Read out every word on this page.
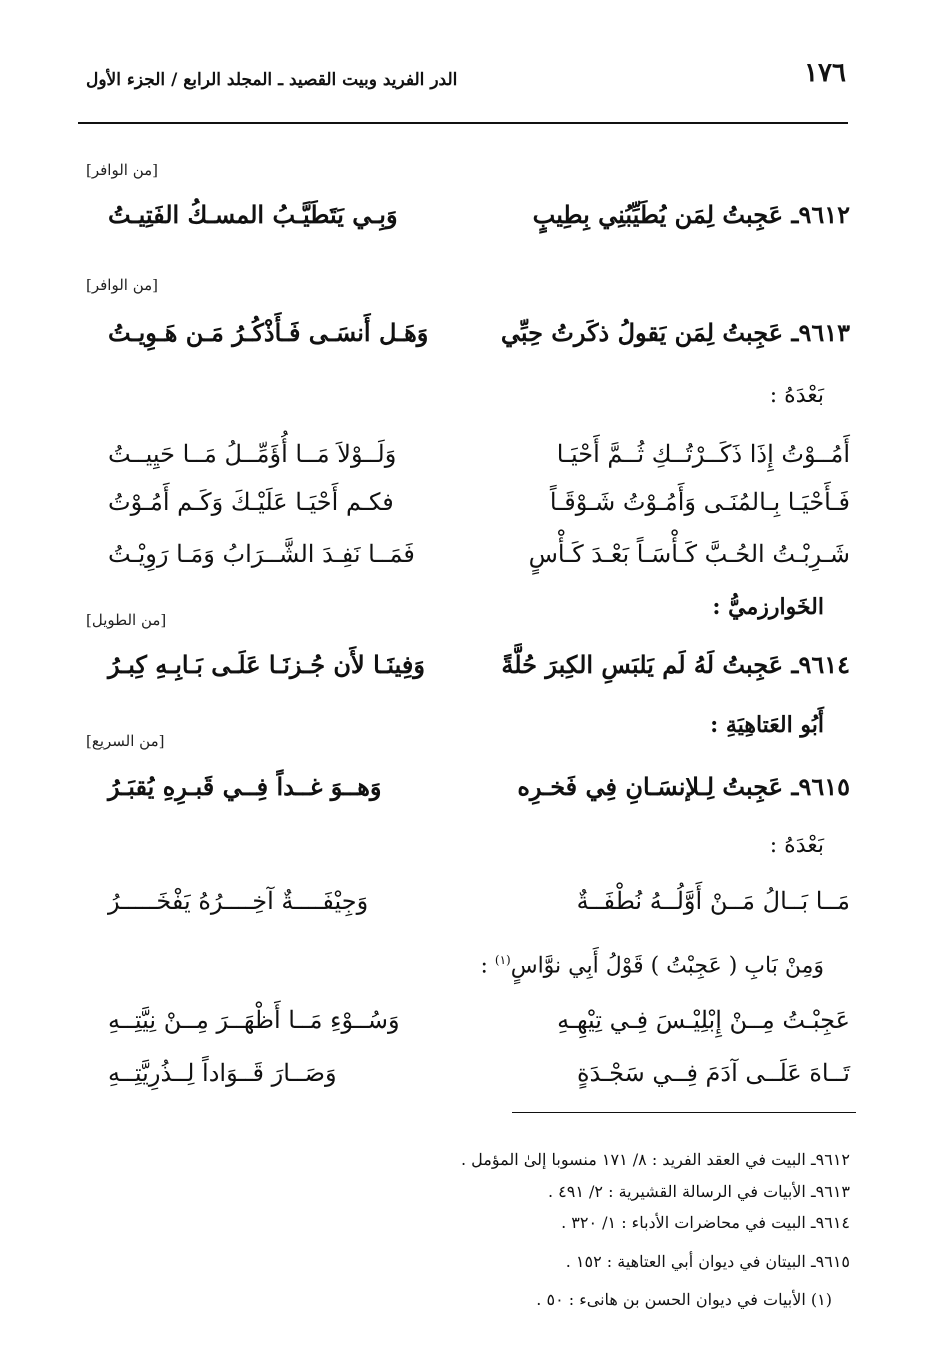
١٧٦
الدر الفريد وبيت القصيد ـ المجلد الرابع / الجزء الأول
[من الوافر]
٩٦١٢ـ عَجِبتُ لِمَن يُطَيِّبُنِي بِطِيبٍ
وَبِـي يَتَطَيَّـبُ المسـكُ الفَتِيـتُ
[من الوافر]
٩٦١٣ـ عَجِبتُ لِمَن يَقولُ ذكَرتُ حِبِّي
وَهَـل أَنسَـى فَـأَذْكُـرُ مَـن هَـوِيـتُ
بَعْدَهُ :
أَمُــوْتُ إِذَا ذَكَــرْتُــكِ ثُــمَّ أَحْيَـا
وَلَــوْلاَ مَــا أُؤَمِّــلُ مَــا حَيِيــتُ
فَـأَحْيَـا بِـالمُنَـى وَأَمُـوْتُ شَـوْقَـاً
فكـم أَحْيَـا عَلَيْـكَ وَكَـم أَمُـوْتُ
شَـرِبْـتُ الحُـبَّ كَـأْسَـاً بَعْـدَ كَـأْسٍ
فَمَــا نَفِـدَ الشَّــرَابُ وَمَـا رَوِيْـتُ
الخَوارزميُّ :
[من الطويل]
٩٦١٤ـ عَجِبتُ لَهُ لَم يَلبَسِ الكِبرَ حُلَّةً
وَفِينَـا لأَن جُـزنَـا عَلَـى بَـابِـهِ كِبـرُ
أَبُو العَتاهِيَةِ :
[من السريع]
٩٦١٥ـ عَجِبتُ لِـلإنسَـانِ فِي فَخـرِه
وَهــوَ غــداً فِــي قَبـرِهِ يُقبَـرُ
بَعْدَهُ :
مَــا بَــالُ مَــنْ أَوَّلُــهُ نُطْفَــةٌ
وَجِيْفَــــةٌ آخِــــرُهُ يَفْخَـــــرُ
وَمِنْ بَابِ ( عَجِبْتُ ) قَوْلُ أَبِي نوَّاسٍ$^{(١)}$ :
عَجِبْـتُ مِــنْ إِبْلِيْـسَ فِـي تِيْهِـهِ
وَسُــوْءِ مَــا أَظْهَــرَ مِــنْ نِيَّتِــهِ
تَــاهَ عَلَــى آدَمَ فِــي سَجْـدَةٍ
وَصَــارَ قَــوَاداً لِــذُرِيَّتِــهِ
٩٦١٢ـ البيت في العقد الفريد : ٨/ ١٧١ منسوبا إلىٰ المؤمل .
٩٦١٣ـ الأبيات في الرسالة القشيرية : ٢/ ٤٩١ .
٩٦١٤ـ البيت في محاضرات الأدباء : ١/ ٣٢٠ .
٩٦١٥ـ البيتان في ديوان أبي العتاهية : ١٥٢ .
(١) الأبيات في ديوان الحسن بن هانىء : ٥٠ .
